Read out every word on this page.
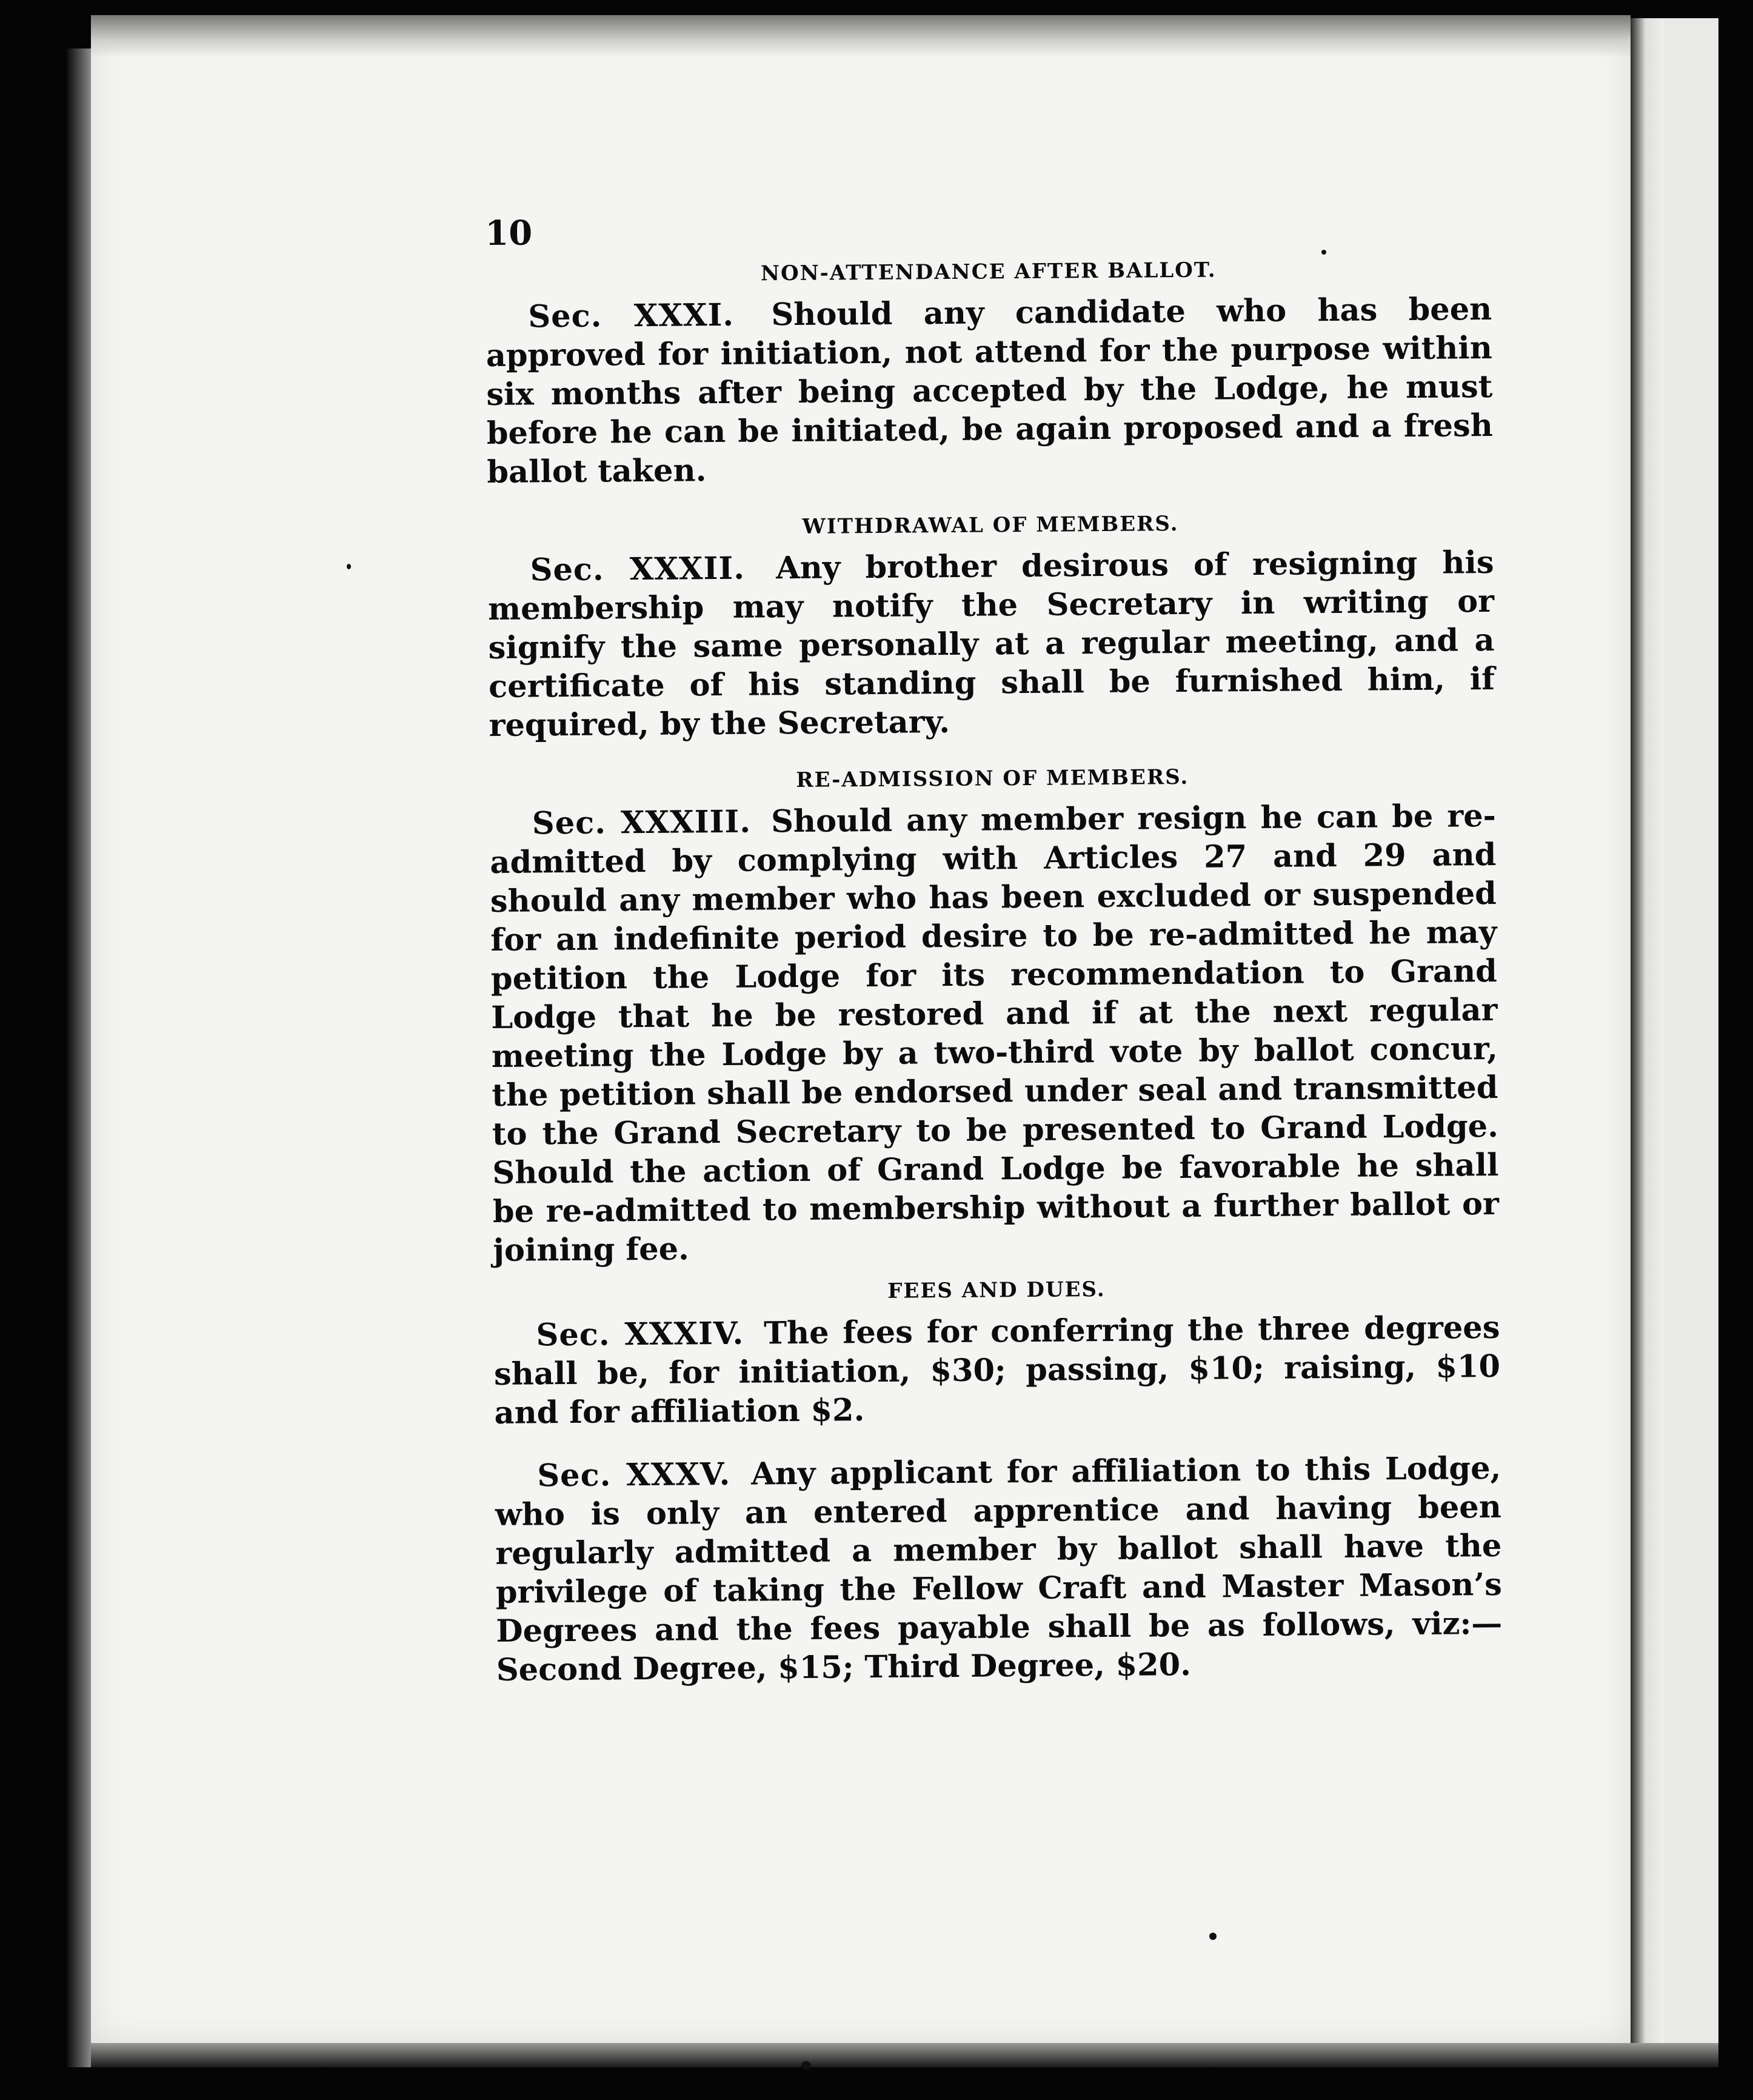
10
NON-ATTENDANCE AFTER BALLOT.

Sec. XXXI. Should any candidate who has been approved for initiation, not attend for the purpose within six months after being accepted by the Lodge, he must before he can be initiated, be again proposed and a fresh ballot taken.

WITHDRAWAL OF MEMBERS.

Sec. XXXII. Any brother desirous of resigning his membership may notify the Secretary in writing or signify the same personally at a regular meeting, and a certificate of his standing shall be furnished him, if required, by the Secretary.

RE-ADMISSION OF MEMBERS.

Sec. XXXIII. Should any member resign he can be re-admitted by complying with Articles 27 and 29 and should any member who has been excluded or suspended for an indefinite period desire to be re-admitted he may petition the Lodge for its recommendation to Grand Lodge that he be restored and if at the next regular meeting the Lodge by a two-third vote by ballot concur, the petition shall be endorsed under seal and transmitted to the Grand Secretary to be presented to Grand Lodge. Should the action of Grand Lodge be favorable he shall be re-admitted to membership without a further ballot or joining fee.

FEES AND DUES.

Sec. XXXIV. The fees for conferring the three degrees shall be, for initiation, $30; passing, $10; raising, $10 and for affiliation $2.

Sec. XXXV. Any applicant for affiliation to this Lodge, who is only an entered apprentice and having been regularly admitted a member by ballot shall have the privilege of taking the Fellow Craft and Master Mason’s Degrees and the fees payable shall be as follows, viz:—Second Degree, $15; Third Degree, $20.
